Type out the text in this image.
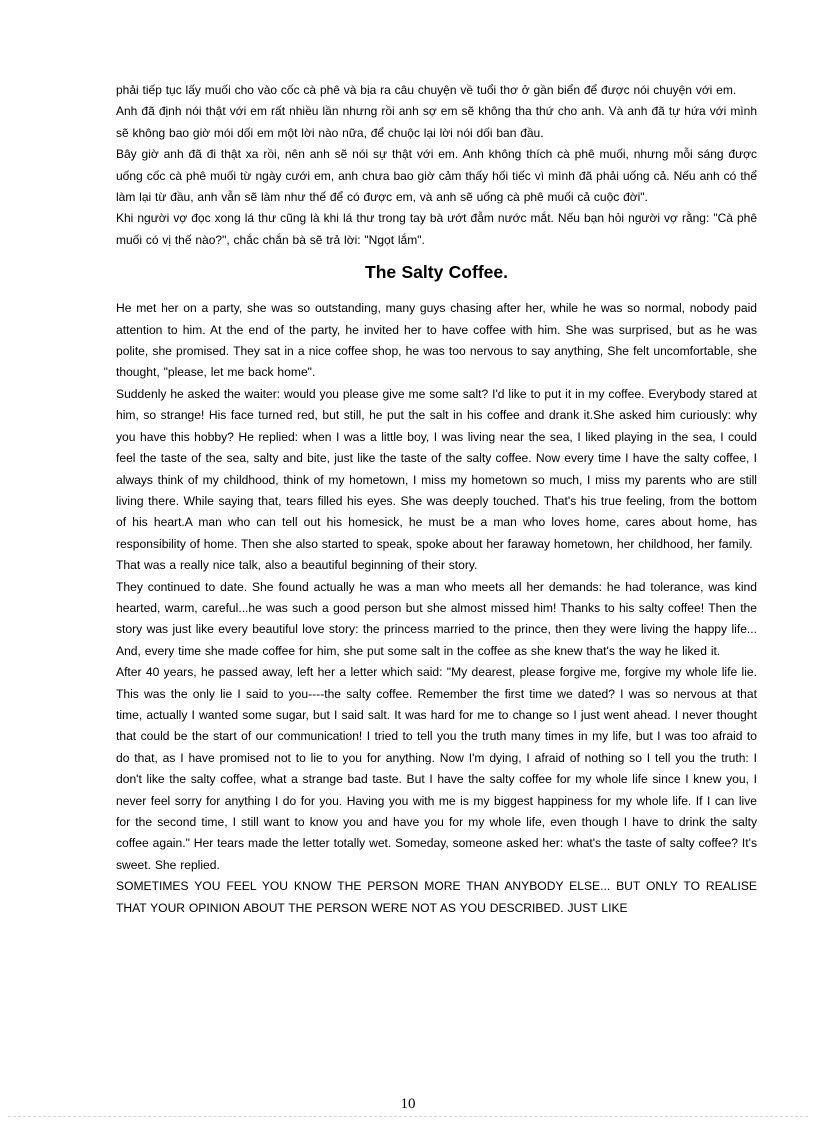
phải tiếp tục lấy muối cho vào cốc cà phê và bịa ra câu chuyện về tuổi thơ ở gần biển để được nói chuyện với em.

Anh đã định nói thật với em rất nhiều lần nhưng rồi anh sợ em sẽ không tha thứ cho anh. Và anh đã tự hứa với mình sẽ không bao giờ mói dối em một lời nào nữa, để chuộc lại lời nói dối ban đầu.

Bây giờ anh đã đi thật xa rồi, nên anh sẽ nói sự thật với em. Anh không thích cà phê muối, nhưng mỗi sáng được uống cốc cà phê muối từ ngày cưới em, anh chưa bao giờ cảm thấy hối tiếc vì mình đã phải uống cả. Nếu anh có thể làm lại từ đầu, anh vẫn sẽ làm như thế để có được em, và anh sẽ uống cà phê muối cả cuộc đời".

Khi người vợ đọc xong lá thư cũng là khi lá thư trong tay bà ướt đẫm nước mắt. Nếu bạn hỏi người vợ rằng: "Cà phê muối có vị thế nào?", chắc chắn bà sẽ trả lời: "Ngọt lắm".

The Salty Coffee.

He met her on a party, she was so outstanding, many guys chasing after her, while he was so normal, nobody paid attention to him. At the end of the party, he invited her to have coffee with him. She was surprised, but as he was polite, she promised. They sat in a nice coffee shop, he was too nervous to say anything, She felt uncomfortable, she thought, "please, let me back home".

Suddenly he asked the waiter: would you please give me some salt? I'd like to put it in my coffee. Everybody stared at him, so strange! His face turned red, but still, he put the salt in his coffee and drank it.She asked him curiously: why you have this hobby? He replied: when I was a little boy, I was living near the sea, I liked playing in the sea, I could feel the taste of the sea, salty and bite, just like the taste of the salty coffee. Now every time I have the salty coffee, I always think of my childhood, think of my hometown, I miss my hometown so much, I miss my parents who are still living there. While saying that, tears filled his eyes. She was deeply touched. That's his true feeling, from the bottom of his heart.A man who can tell out his homesick, he must be a man who loves home, cares about home, has responsibility of home. Then she also started to speak, spoke about her faraway hometown, her childhood, her family.

That was a really nice talk, also a beautiful beginning of their story.

They continued to date. She found actually he was a man who meets all her demands: he had tolerance, was kind hearted, warm, careful...he was such a good person but she almost missed him! Thanks to his salty coffee! Then the story was just like every beautiful love story: the princess married to the prince, then they were living the happy life... And, every time she made coffee for him, she put some salt in the coffee as she knew that's the way he liked it.

After 40 years, he passed away, left her a letter which said: "My dearest, please forgive me, forgive my whole life lie. This was the only lie I said to you----the salty coffee. Remember the first time we dated? I was so nervous at that time, actually I wanted some sugar, but I said salt. It was hard for me to change so I just went ahead. I never thought that could be the start of our communication! I tried to tell you the truth many times in my life, but I was too afraid to do that, as I have promised not to lie to you for anything. Now I'm dying, I afraid of nothing so I tell you the truth: I don't like the salty coffee, what a strange bad taste. But I have the salty coffee for my whole life since I knew you, I never feel sorry for anything I do for you. Having you with me is my biggest happiness for my whole life. If I can live for the second time, I still want to know you and have you for my whole life, even though I have to drink the salty coffee again." Her tears made the letter totally wet. Someday, someone asked her: what's the taste of salty coffee? It's sweet. She replied.

SOMETIMES YOU FEEL YOU KNOW THE PERSON MORE THAN ANYBODY ELSE... BUT ONLY TO REALISE THAT YOUR OPINION ABOUT THE PERSON WERE NOT AS YOU DESCRIBED. JUST LIKE

10
